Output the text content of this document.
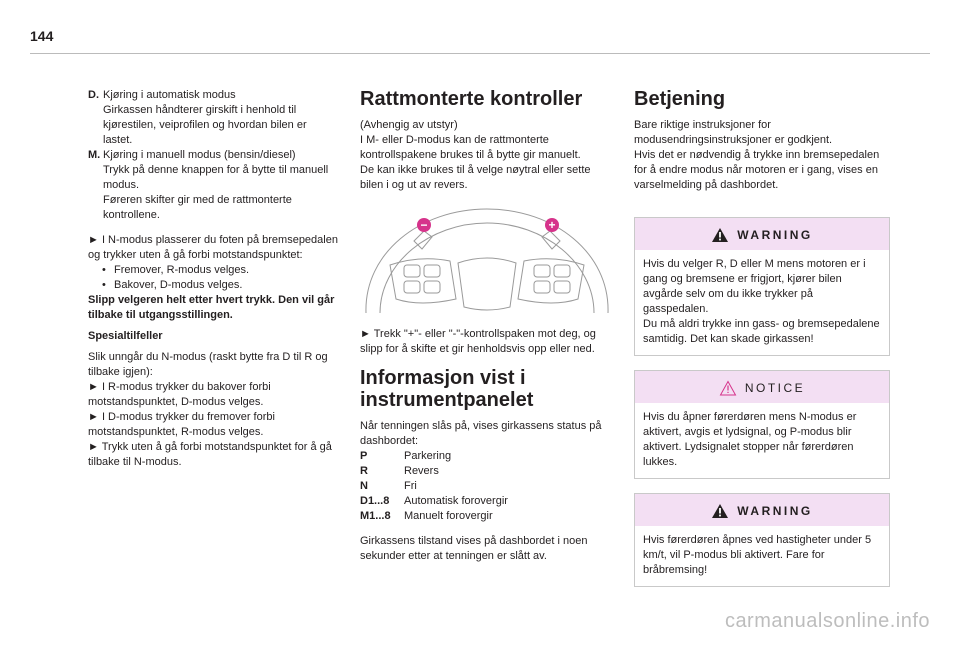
144
D. Kjøring i automatisk modus

Girkassen håndterer girskift i henhold til kjørestilen, veiprofilen og hvordan bilen er lastet.

M. Kjøring i manuell modus (bensin/diesel)

Trykk på denne knappen for å bytte til manuell modus.

Føreren skifter gir med de rattmonterte kontrollene.

► I N-modus plasserer du foten på bremsepedalen og trykker uten å gå forbi motstandspunktet:

• Fremover, R-modus velges.
• Bakover, D-modus velges.

Slipp velgeren helt etter hvert trykk. Den vil går tilbake til utgangsstillingen.

Spesialtilfeller

Slik unngår du N-modus (raskt bytte fra D til R og tilbake igjen):

► I R-modus trykker du bakover forbi motstandspunktet, D-modus velges.

► I D-modus trykker du fremover forbi motstandspunktet, R-modus velges.

► Trykk uten å gå forbi motstandspunktet for å gå tilbake til N-modus.

Rattmonterte kontroller

(Avhengig av utstyr)

I M- eller D-modus kan de rattmonterte kontrollspakene brukes til å bytte gir manuelt.

De kan ikke brukes til å velge nøytral eller sette bilen i og ut av revers.

−	+

► Trekk "+"- eller "-"-kontrollspaken mot deg, og slipp for å skifte et gir henholdsvis opp eller ned.

Informasjon vist i instrumentpanelet

Når tenningen slås på, vises girkassens status på dashbordet:

P	Parkering
R	Revers
N	Fri
D1...8	Automatisk forovergir
M1...8	Manuelt forovergir

Girkassens tilstand vises på dashbordet i noen sekunder etter at tenningen er slått av.

Betjening

Bare riktige instruksjoner for modusendringsinstruksjoner er godkjent.

Hvis det er nødvendig å trykke inn bremsepedalen for å endre modus når motoren er i gang, vises en varselmelding på dashbordet.

WARNING

Hvis du velger R, D eller M mens motoren er i gang og bremsene er frigjort, kjører bilen avgårde selv om du ikke trykker på gasspedalen.

Du må aldri trykke inn gass- og bremsepedalene samtidig. Det kan skade girkassen!

NOTICE

Hvis du åpner førerdøren mens N-modus er aktivert, avgis et lydsignal, og P-modus blir aktivert. Lydsignalet stopper når førerdøren lukkes.

WARNING

Hvis førerdøren åpnes ved hastigheter under 5 km/t, vil P-modus bli aktivert. Fare for bråbremsing!

carmanualsonline.info
